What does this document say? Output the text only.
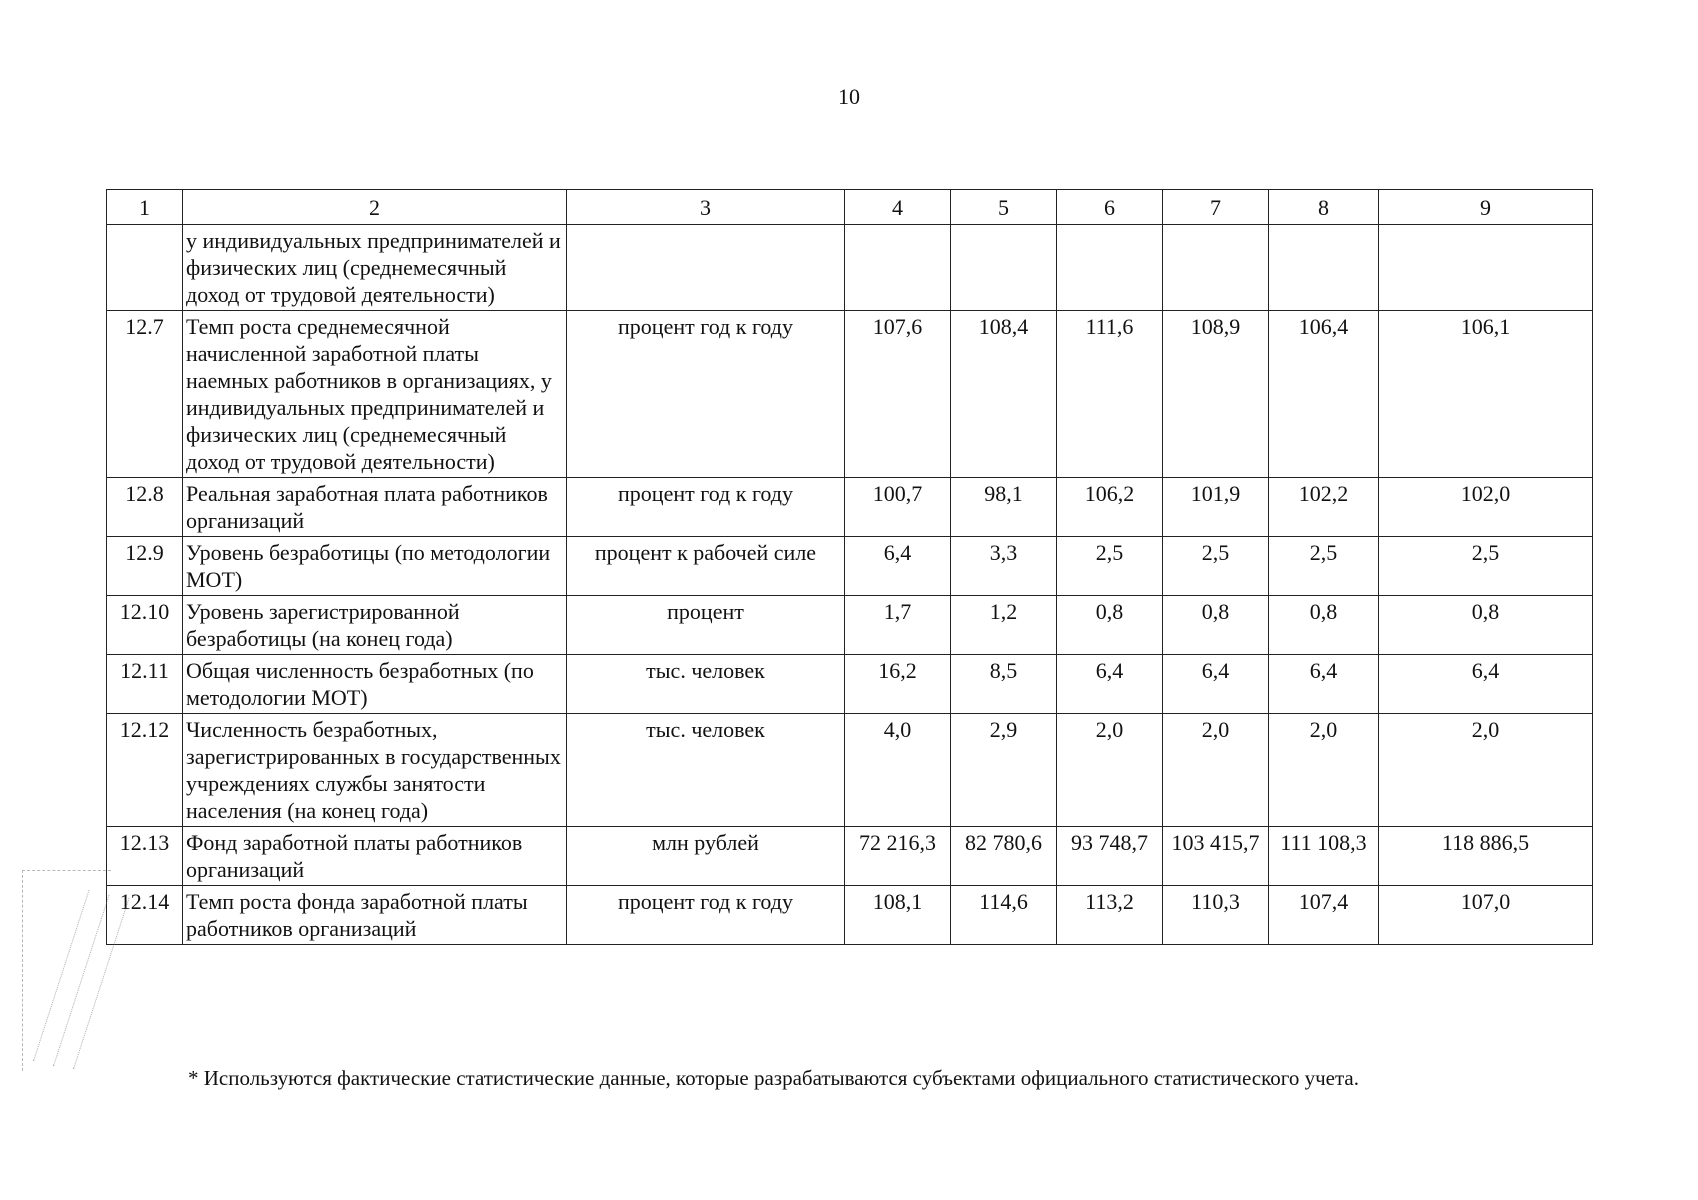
10
1	2	3	4	5	6	7	8	9
	у индивидуальных предпринимателей и физических лиц (среднемесячный доход от трудовой деятельности)							
12.7	Темп роста среднемесячной начисленной заработной платы наемных работников в организациях, у индивидуальных предпринимателей и физических лиц (среднемесячный доход от трудовой деятельности)	процент год к году	107,6	108,4	111,6	108,9	106,4	106,1
12.8	Реальная заработная плата работников организаций	процент год к году	100,7	98,1	106,2	101,9	102,2	102,0
12.9	Уровень безработицы (по методологии МОТ)	процент к рабочей силе	6,4	3,3	2,5	2,5	2,5	2,5
12.10	Уровень зарегистрированной безработицы (на конец года)	процент	1,7	1,2	0,8	0,8	0,8	0,8
12.11	Общая численность безработных (по методологии МОТ)	тыс. человек	16,2	8,5	6,4	6,4	6,4	6,4
12.12	Численность безработных, зарегистрированных в государственных учреждениях службы занятости населения (на конец года)	тыс. человек	4,0	2,9	2,0	2,0	2,0	2,0
12.13	Фонд заработной платы работников организаций	млн рублей	72 216,3	82 780,6	93 748,7	103 415,7	111 108,3	118 886,5
12.14	Темп роста фонда заработной платы работников организаций	процент год к году	108,1	114,6	113,2	110,3	107,4	107,0
* Используются фактические статистические данные, которые разрабатываются субъектами официального статистического учета.
